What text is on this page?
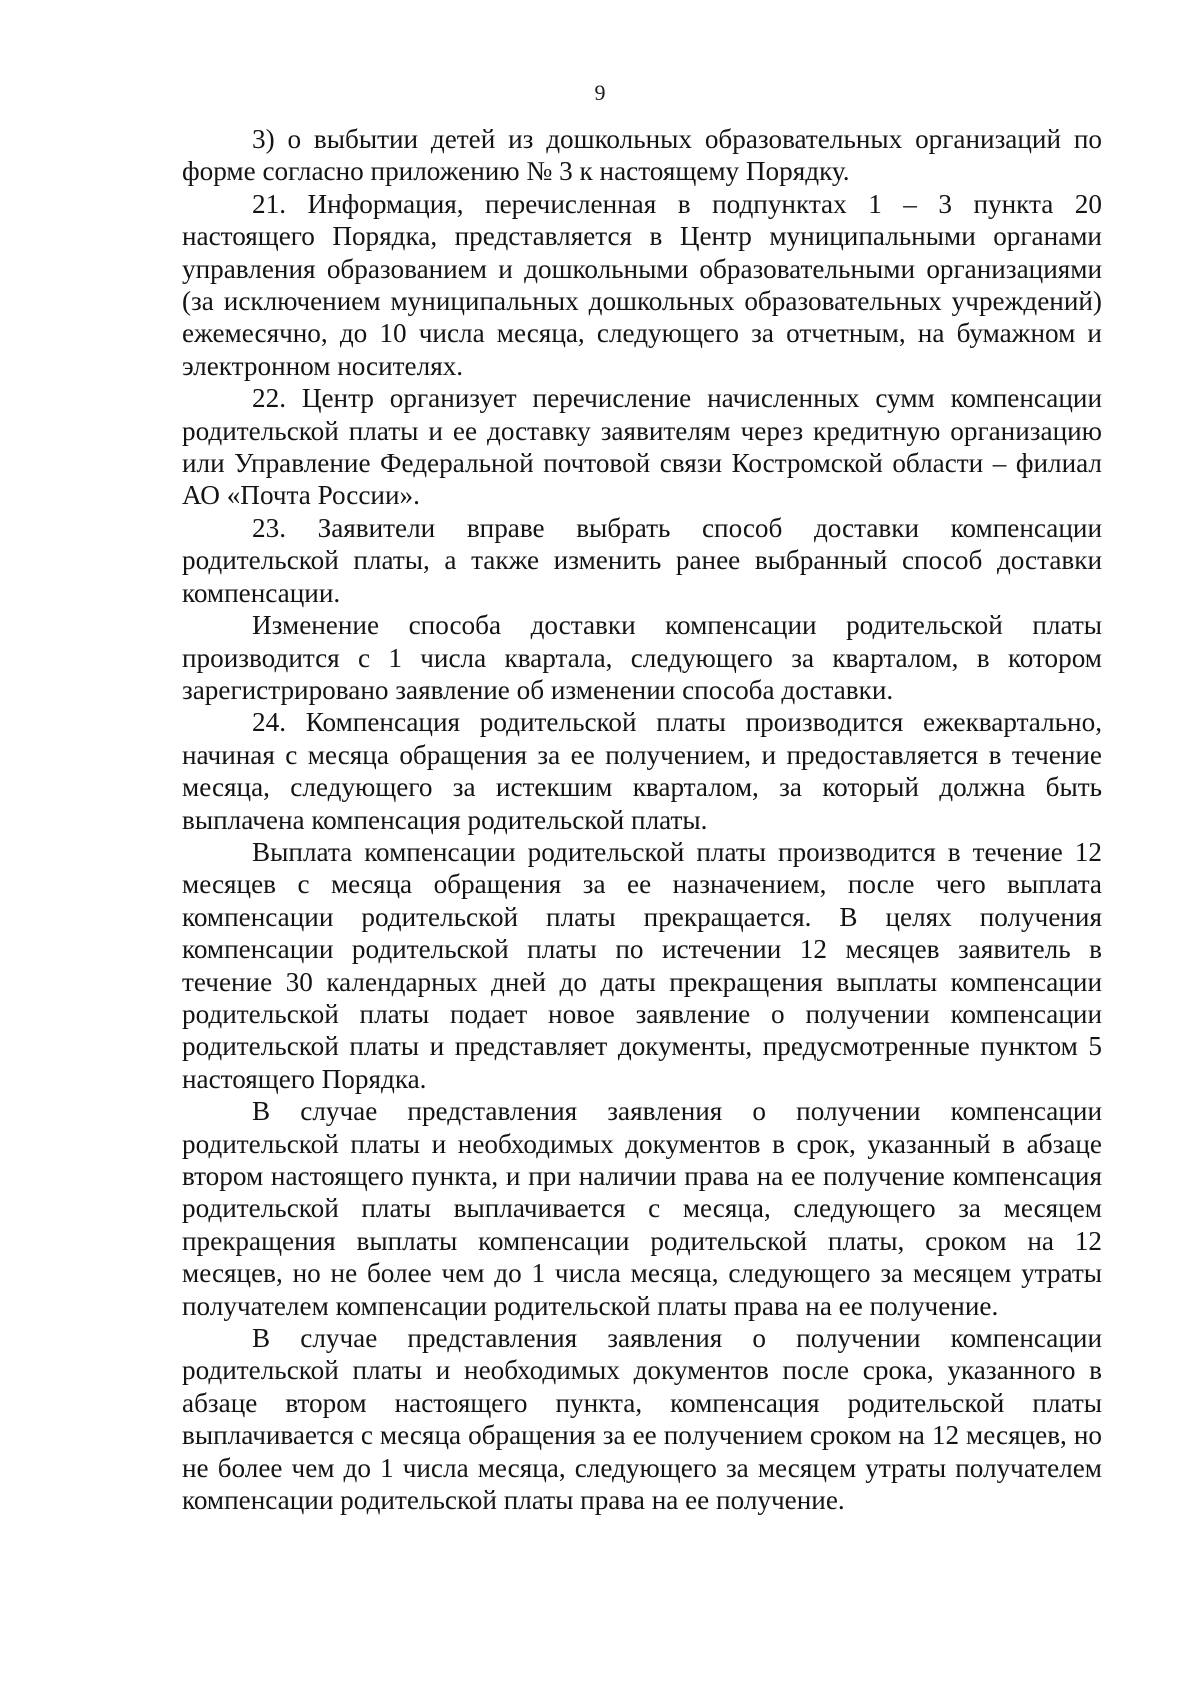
9

3) о выбытии детей из дошкольных образовательных организаций по форме согласно приложению № 3 к настоящему Порядку.

21. Информация, перечисленная в подпунктах 1 – 3 пункта 20 настоящего Порядка, представляется в Центр муниципальными органами управления образованием и дошкольными образовательными организациями (за исключением муниципальных дошкольных образовательных учреждений) ежемесячно, до 10 числа месяца, следующего за отчетным, на бумажном и электронном носителях.

22. Центр организует перечисление начисленных сумм компенсации родительской платы и ее доставку заявителям через кредитную организацию или Управление Федеральной почтовой связи Костромской области – филиал АО «Почта России».

23. Заявители вправе выбрать способ доставки компенсации родительской платы, а также изменить ранее выбранный способ доставки компенсации.

Изменение способа доставки компенсации родительской платы производится с 1 числа квартала, следующего за кварталом, в котором зарегистрировано заявление об изменении способа доставки.

24. Компенсация родительской платы производится ежеквартально, начиная с месяца обращения за ее получением, и предоставляется в течение месяца, следующего за истекшим кварталом, за который должна быть выплачена компенсация родительской платы.

Выплата компенсации родительской платы производится в течение 12 месяцев с месяца обращения за ее назначением, после чего выплата компенсации родительской платы прекращается. В целях получения компенсации родительской платы по истечении 12 месяцев заявитель в течение 30 календарных дней до даты прекращения выплаты компенсации родительской платы подает новое заявление о получении компенсации родительской платы и представляет документы, предусмотренные пунктом 5 настоящего Порядка.

В случае представления заявления о получении компенсации родительской платы и необходимых документов в срок, указанный в абзаце втором настоящего пункта, и при наличии права на ее получение компенсация родительской платы выплачивается с месяца, следующего за месяцем прекращения выплаты компенсации родительской платы, сроком на 12 месяцев, но не более чем до 1 числа месяца, следующего за месяцем утраты получателем компенсации родительской платы права на ее получение.

В случае представления заявления о получении компенсации родительской платы и необходимых документов после срока, указанного в абзаце втором настоящего пункта, компенсация родительской платы выплачивается с месяца обращения за ее получением сроком на 12 месяцев, но не более чем до 1 числа месяца, следующего за месяцем утраты получателем компенсации родительской платы права на ее получение.
